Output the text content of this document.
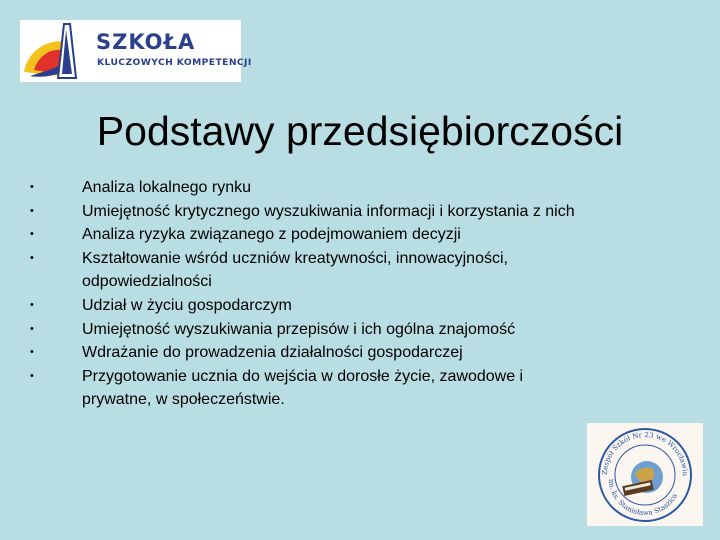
SZKOŁA
KLUCZOWYCH KOMPETENCJI
Podstawy przedsiębiorczości
•	Analiza lokalnego rynku
•	Umiejętność krytycznego wyszukiwania informacji i korzystania z nich
•	Analiza ryzyka związanego z podejmowaniem decyzji
•	Kształtowanie wśród uczniów kreatywności, innowacyjności, odpowiedzialności
•	Udział w życiu gospodarczym
•	Umiejętność wyszukiwania przepisów i ich ogólna znajomość
•	Wdrażanie do prowadzenia działalności gospodarczej
•	Przygotowanie ucznia do wejścia w dorosłe życie, zawodowe i prywatne, w społeczeństwie.
Zespół Szkół Nr 23 we Wrocławiu
im. ks. Stanisława Staszica
